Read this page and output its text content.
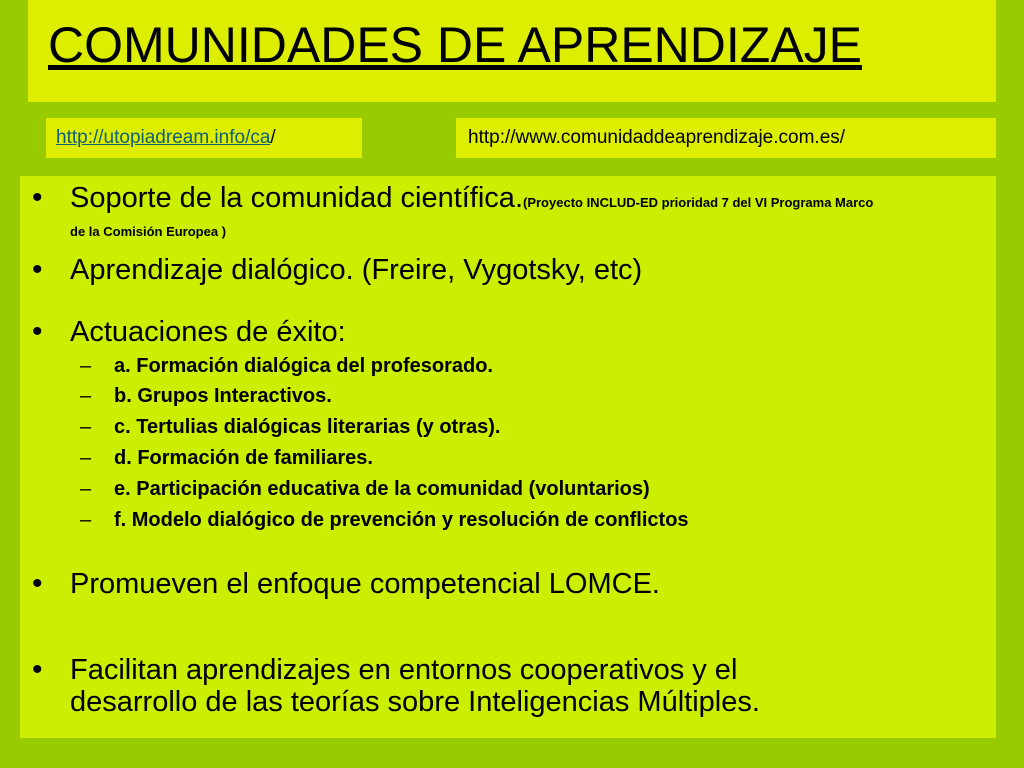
COMUNIDADES DE APRENDIZAJE
http://utopiadream.info/ca/	http://www.comunidaddeaprendizaje.com.es/
• Soporte de la comunidad científica.(Proyecto INCLUD-ED prioridad 7 del VI Programa Marco
de la Comisión Europea )
• Aprendizaje dialógico. (Freire, Vygotsky, etc)
• Actuaciones de éxito:
– a. Formación dialógica del profesorado.
– b. Grupos Interactivos.
– c. Tertulias dialógicas literarias (y otras).
– d. Formación de familiares.
– e. Participación educativa de la comunidad (voluntarios)
– f. Modelo dialógico de prevención y resolución de conflictos
• Promueven el enfoque competencial LOMCE.
• Facilitan aprendizajes en entornos cooperativos y el
desarrollo de las teorías sobre Inteligencias Múltiples.
